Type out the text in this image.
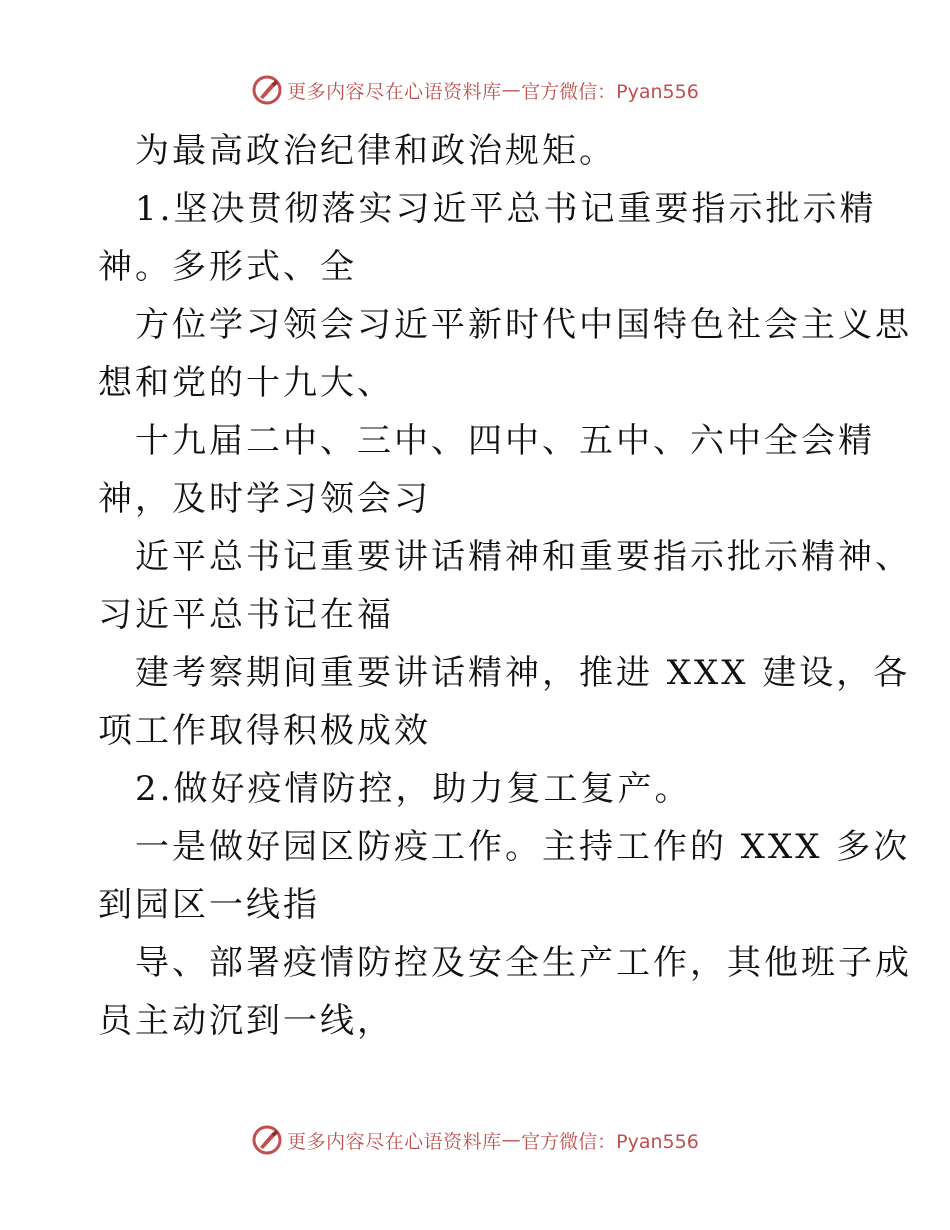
更多内容尽在心语资料库 — 官方微信：Pyan556
为最高政治纪律和政治规矩。
1.坚决贯彻落实习近平总书记重要指示批示精
神。多形式、全
方位学习领会习近平新时代中国特色社会主义思
想和党的十九大、
十九届二中、三中、四中、五中、六中全会精
神，及时学习领会习
近平总书记重要讲话精神和重要指示批示精神、
习近平总书记在福
建考察期间重要讲话精神，推进 XXX 建设，各
项工作取得积极成效
2.做好疫情防控，助力复工复产。
一是做好园区防疫工作。主持工作的 XXX 多次
到园区一线指
导、部署疫情防控及安全生产工作，其他班子成
员主动沉到一线，
更多内容尽在心语资料库 — 官方微信：Pyan556
